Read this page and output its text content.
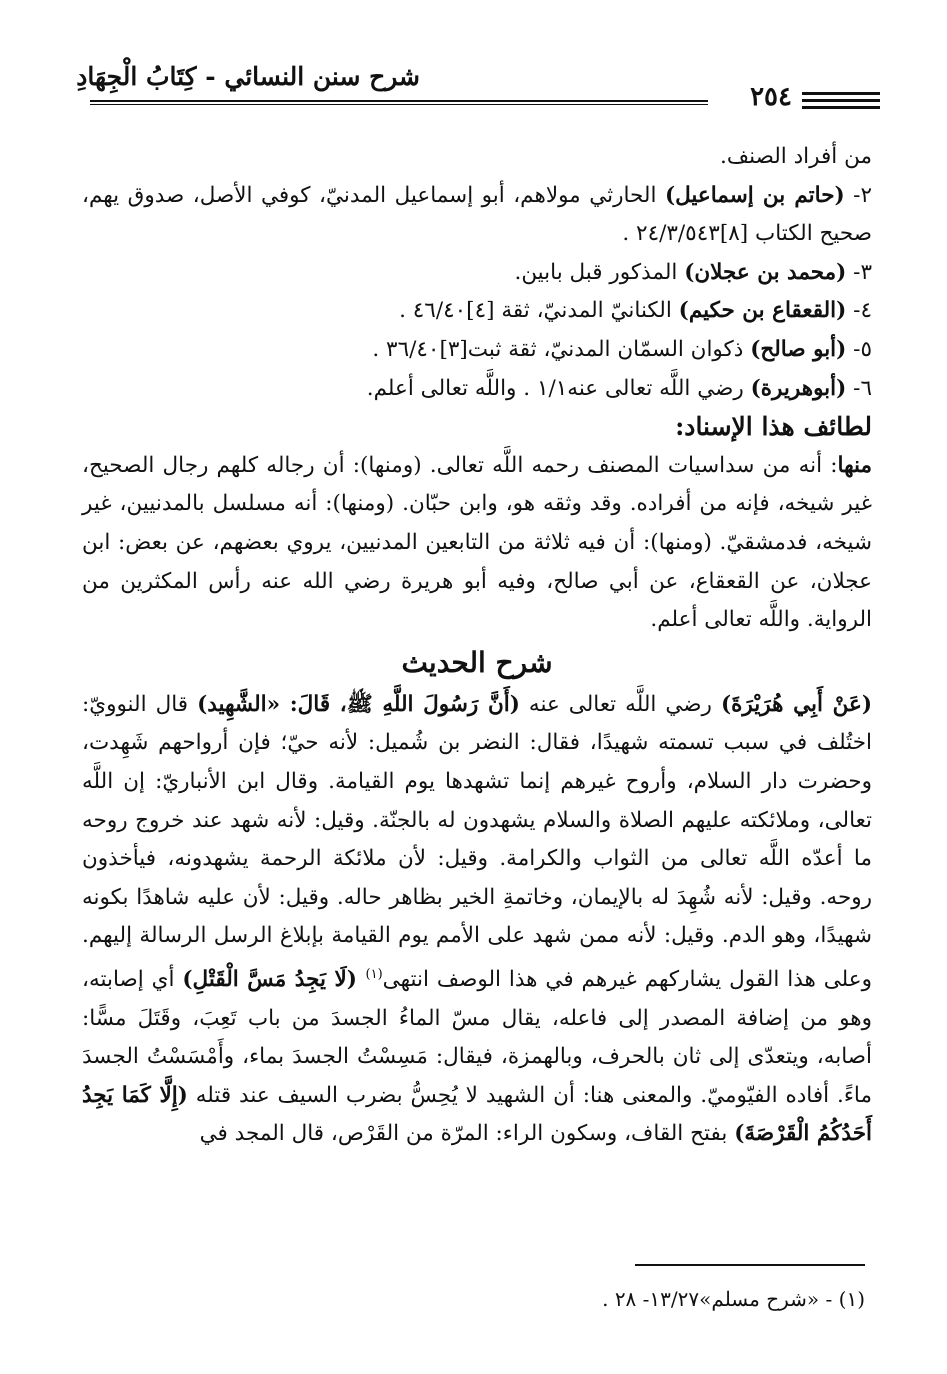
شرح سنن النسائي - كِتَابُ الْجِهَادِ
٢٥٤

من أفراد الصنف.

٢- (حاتم بن إسماعيل) الحارثي مولاهم، أبو إسماعيل المدنيّ، كوفي الأصل، صدوق يهم، صحيح الكتاب [٨]٢٤/٣/٥٤٣ .

٣- (محمد بن عجلان) المذكور قبل بابين.

٤- (القعقاع بن حكيم) الكنانيّ المدنيّ، ثقة [٤]٤٦/٤٠ .

٥- (أبو صالح) ذكوان السمّان المدنيّ، ثقة ثبت[٣]٣٦/٤٠ .

٦- (أبوهريرة) رضي اللَّه تعالى عنه١/١ . واللَّه تعالى أعلم.

لطائف هذا الإسناد:

منها: أنه من سداسيات المصنف رحمه اللَّه تعالى. (ومنها): أن رجاله كلهم رجال الصحيح، غير شيخه، فإنه من أفراده. وقد وثقه هو، وابن حبّان. (ومنها): أنه مسلسل بالمدنيين، غير شيخه، فدمشقيّ. (ومنها): أن فيه ثلاثة من التابعين المدنيين، يروي بعضهم، عن بعض: ابن عجلان، عن القعقاع، عن أبي صالح، وفيه أبو هريرة رضي الله عنه رأس المكثرين من الرواية. واللَّه تعالى أعلم.

شرح الحديث

(عَنْ أَبِي هُرَيْرَةَ) رضي اللَّه تعالى عنه (أَنَّ رَسُولَ اللَّهِ ﷺ، قَالَ: «الشَّهِيد) قال النوويّ: اختُلف في سبب تسمته شهيدًا، فقال: النضر بن شُميل: لأنه حيّ؛ فإن أرواحهم شَهِدت، وحضرت دار السلام، وأروح غيرهم إنما تشهدها يوم القيامة. وقال ابن الأنباريّ: إن اللَّه تعالى، وملائكته عليهم الصلاة والسلام يشهدون له بالجنّة. وقيل: لأنه شهد عند خروج روحه ما أعدّه اللَّه تعالى من الثواب والكرامة. وقيل: لأن ملائكة الرحمة يشهدونه، فيأخذون روحه. وقيل: لأنه شُهِدَ له بالإيمان، وخاتمةِ الخير بظاهر حاله. وقيل: لأن عليه شاهدًا بكونه شهيدًا، وهو الدم. وقيل: لأنه ممن شهد على الأمم يوم القيامة بإبلاغ الرسل الرسالة إليهم. وعلى هذا القول يشاركهم غيرهم في هذا الوصف انتهى$^{(١)}$ (لَا يَجِدُ مَسَّ الْقَتْلِ) أي إصابته، وهو من إضافة المصدر إلى فاعله، يقال مسّ الماءُ الجسدَ من باب تَعِبَ، وقَتَلَ مسًّا: أصابه، ويتعدّى إلى ثان بالحرف، وبالهمزة، فيقال: مَسِسْتُ الجسدَ بماء، وأَمْسَسْتُ الجسدَ ماءً. أفاده الفيّوميّ. والمعنى هنا: أن الشهيد لا يُحِسُّ بضرب السيف عند قتله (إِلَّا كَمَا يَجِدُ أَحَدُكُمُ الْقَرْصَةَ) بفتح القاف، وسكون الراء: المرّة من القَرْص، قال المجد في

(١) - «شرح مسلم»١٣/٢٧- ٢٨ .
